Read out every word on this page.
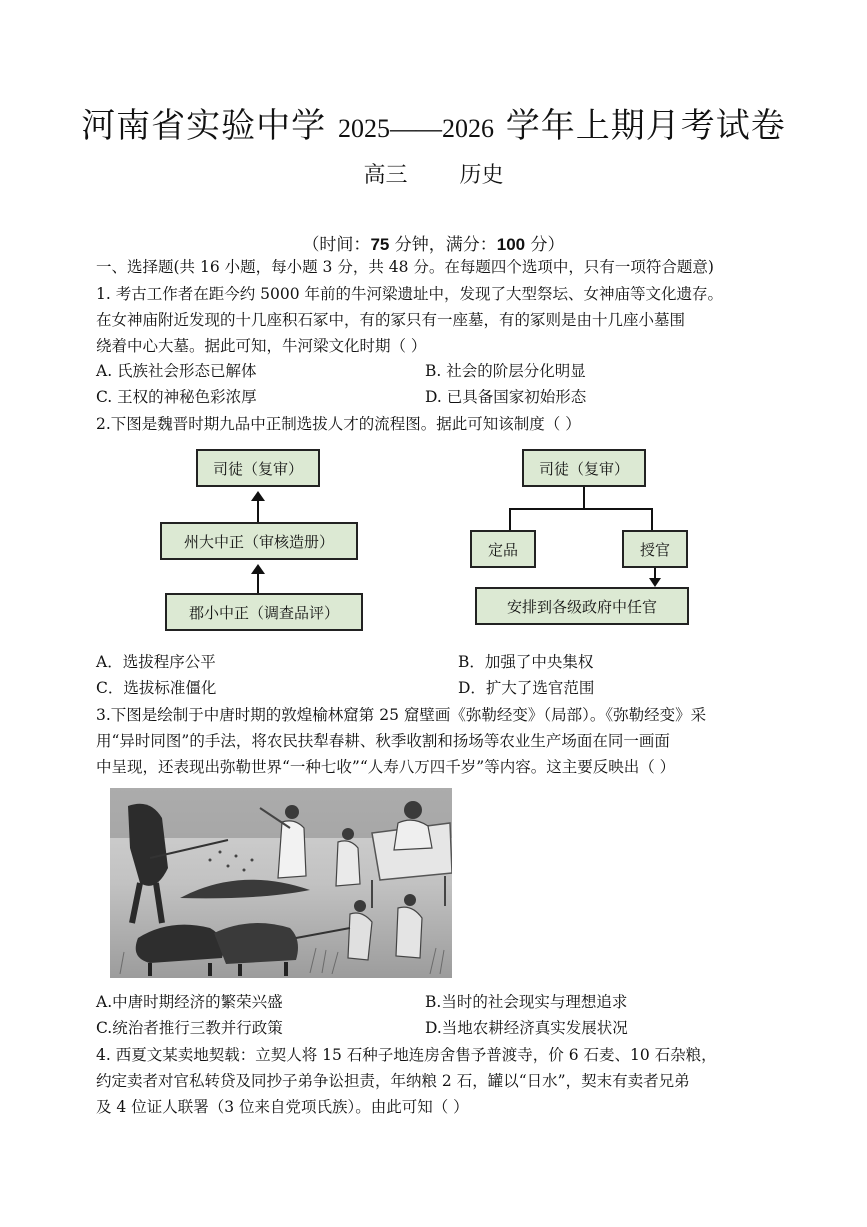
河南省实验中学 2025——2026 学年上期月考试卷
高三 历史
（时间：75 分钟，满分：100 分）
一、选择题(共 16 小题，每小题 3 分，共 48 分。在每题四个选项中，只有一项符合题意)
1. 考古工作者在距今约 5000 年前的牛河梁遗址中，发现了大型祭坛、女神庙等文化遗存。
在女神庙附近发现的十几座积石冢中，有的冢只有一座墓，有的冢则是由十几座小墓围
绕着中心大墓。据此可知，牛河梁文化时期（ ）
A. 氏族社会形态已解体	B. 社会的阶层分化明显
C. 王权的神秘色彩浓厚	D. 已具备国家初始形态
2.下图是魏晋时期九品中正制选拔人才的流程图。据此可知该制度（ ）
司徒（复审）
州大中正（审核造册）
郡小中正（调查品评）
司徒（复审）
定品	授官
安排到各级政府中任官
A．选拔程序公平	B．加强了中央集权
C．选拔标准僵化	D．扩大了选官范围
3.下图是绘制于中唐时期的敦煌榆林窟第 25 窟壁画《弥勒经变》（局部）。《弥勒经变》采
用“异时同图”的手法，将农民扶犁春耕、秋季收割和扬场等农业生产场面在同一画面
中呈现，还表现出弥勒世界“一种七收”“人寿八万四千岁”等内容。这主要反映出（ ）
A.中唐时期经济的繁荣兴盛	B.当时的社会现实与理想追求
C.统治者推行三教并行政策	D.当地农耕经济真实发展状况
4. 西夏文某卖地契载：立契人将 15 石种子地连房舍售予普渡寺，价 6 石麦、10 石杂粮，
约定卖者对官私转贷及同抄子弟争讼担责，年纳粮 2 石，罐以“日水”，契末有卖者兄弟
及 4 位证人联署（3 位来自党项氏族）。由此可知（ ）
